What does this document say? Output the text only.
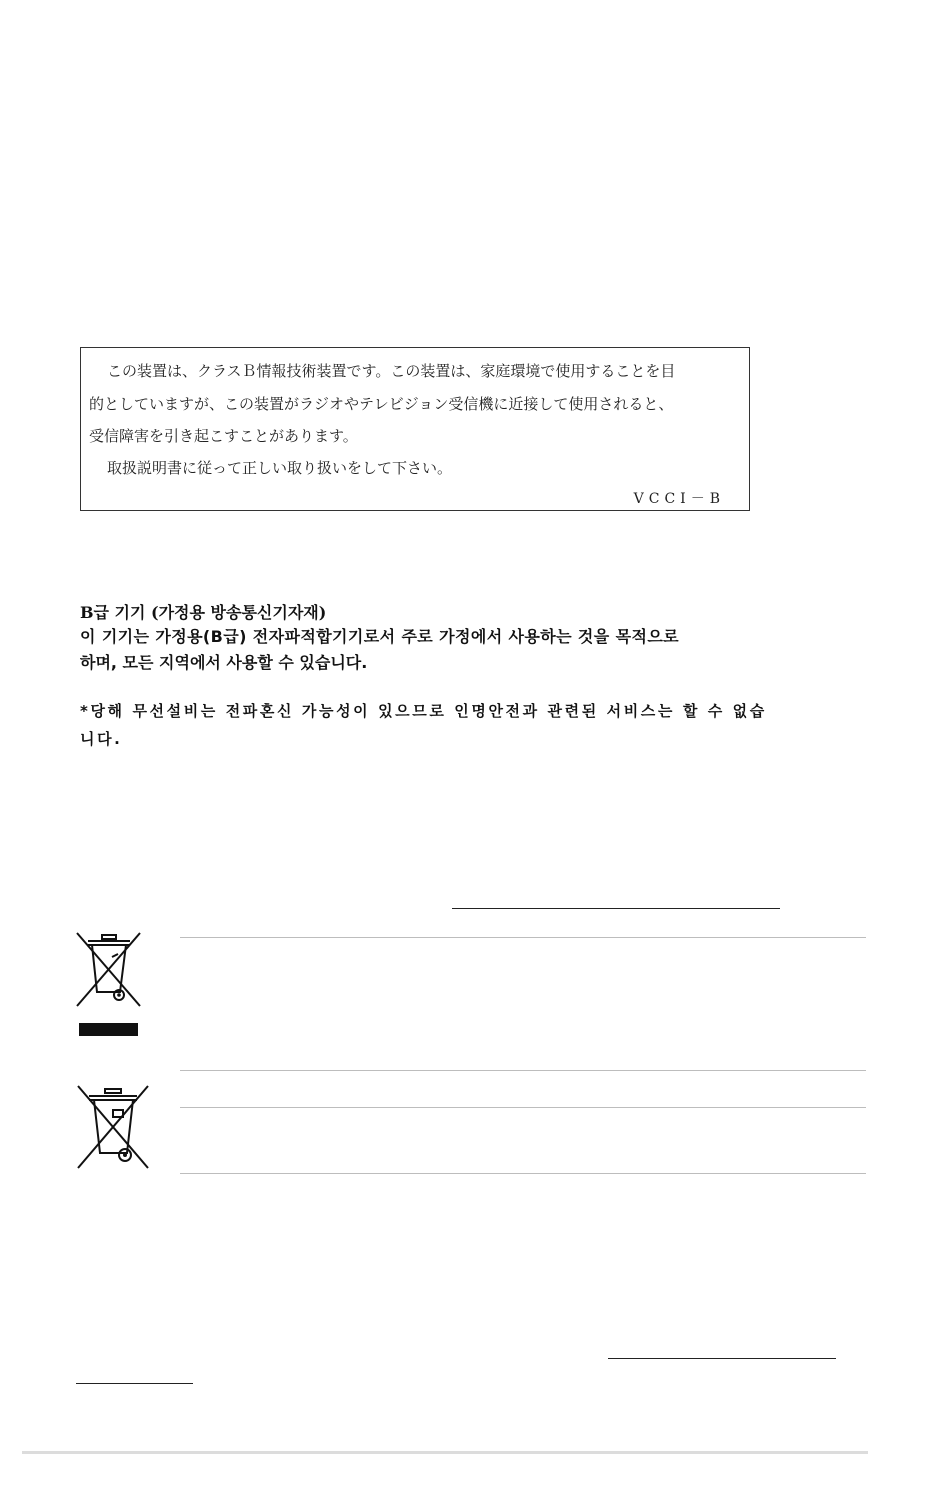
この装置は、クラスＢ情報技術装置です。この装置は、家庭環境で使用することを目
的としていますが、この装置がラジオやテレビジョン受信機に近接して使用されると、
受信障害を引き起こすことがあります。
取扱説明書に従って正しい取り扱いをして下さい。
VCCI－B
B급 기기 (가정용 방송통신기자재)
이 기기는 가정용(B급) 전자파적합기기로서 주로 가정에서 사용하는 것을 목적으로
하며, 모든 지역에서 사용할 수 있습니다.
*당해 무선설비는 전파혼신 가능성이 있으므로 인명안전과 관련된 서비스는 할 수 없습
니다.
